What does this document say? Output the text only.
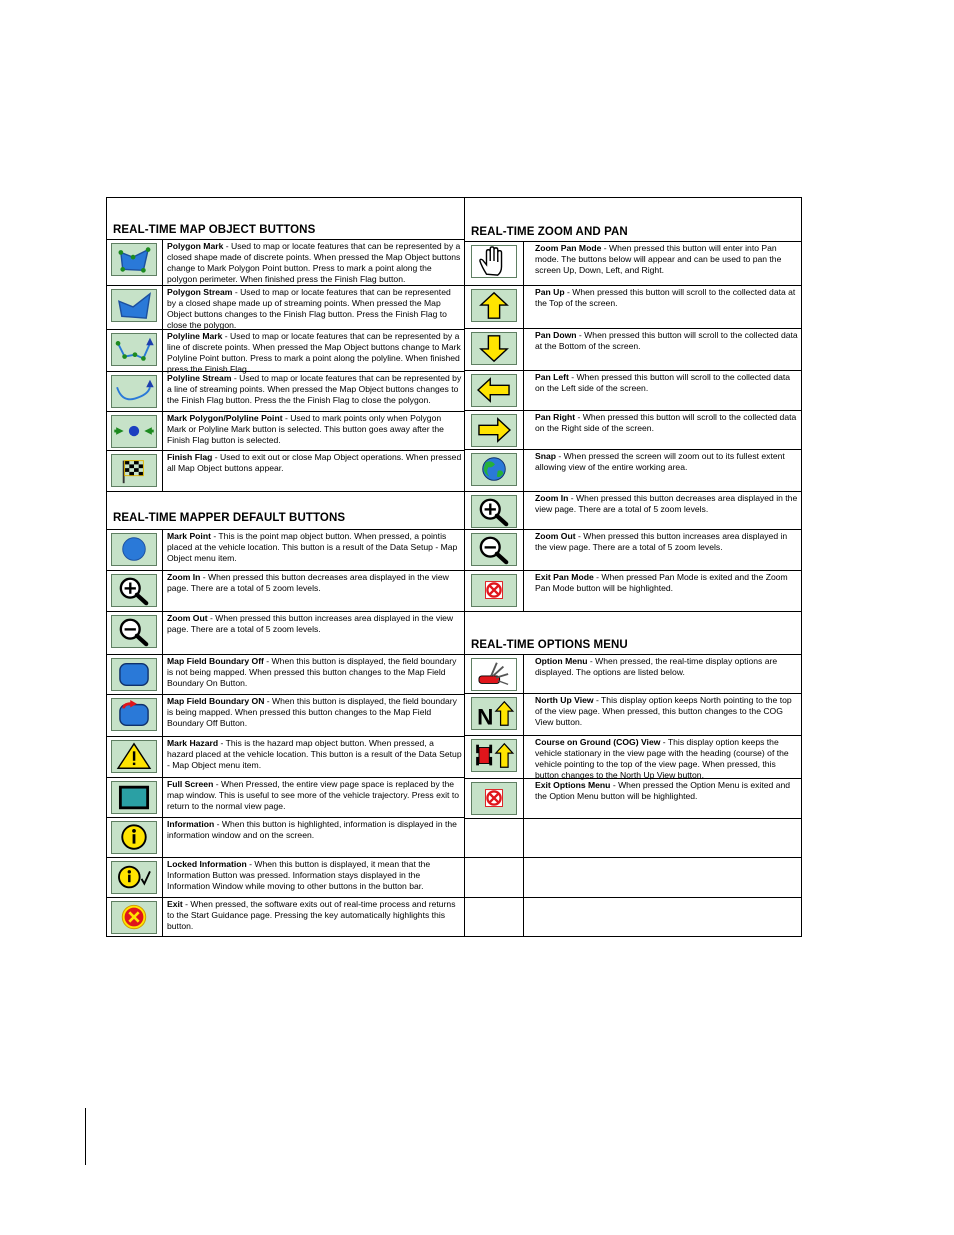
REAL-TIME MAP OBJECT BUTTONS
REAL-TIME MAPPER DEFAULT BUTTONS
Polygon Mark - Used to map or locate features that can be represented by a closed shape made of discrete points. When pressed the Map Object buttons change to Mark Polygon Point button. Press to mark a point along the polygon perimeter. When finished press the Finish Flag button.
Polygon Stream - Used to map or locate features that can be represented by a closed shape made up of streaming points. When pressed the Map Object buttons changes to the Finish Flag button. Press the Finish Flag to close the polygon.
Polyline Mark - Used to map or locate features that can be represented by a line of discrete points. When pressed the Map Object buttons change to Mark Polyline Point button. Press to mark a point along the polyline. When finished press the Finish Flag.
Polyline Stream - Used to map or locate features that can be represented by a line of streaming points. When pressed the Map Object buttons changes to the Finish Flag button. Press the the Finish Flag to close the polygon.
Mark Polygon/Polyline Point - Used to mark points only when Polygon Mark or Polyline Mark button is selected. This button goes away after the Finish Flag button is selected.
Finish Flag - Used to exit out or close Map Object operations. When pressed all Map Object buttons appear.
Mark Point - This is the point map object button. When pressed, a pointis placed at the vehicle location. This button is a result of the Data Setup - Map Object menu item.
Zoom In - When pressed this button decreases area displayed in the view page. There are a total of 5 zoom levels.
Zoom Out - When pressed this button increases area displayed in the view page. There are a total of 5 zoom levels.
Map Field Boundary Off - When this button is displayed, the field boundary is not being mapped. When pressed this button changes to the Map Field Boundary On Button.
Map Field Boundary ON - When this button is displayed, the field boundary is being mapped. When pressed this button changes to the Map Field Boundary Off Button.
Mark Hazard - This is the hazard map object button. When pressed, a hazard placed at the vehicle location. This button is a result of the Data Setup - Map Object menu item.
Full Screen - When Pressed, the entire view page space is replaced by the map window. This is useful to see more of the vehicle trajectory. Press exit to return to the normal view page.
Information - When this button is highlighted, information is displayed in the information window and on the screen.
Locked Information - When this button is displayed, it mean that the Information Button was pressed. Information stays displayed in the Information Window while moving to other buttons in the button bar.
Exit - When pressed, the software exits out of real-time process and returns to the Start Guidance page. Pressing the key automatically highlights this button.
REAL-TIME ZOOM AND PAN
REAL-TIME OPTIONS MENU
Zoom Pan Mode - When pressed this button will enter into Pan mode. The buttons below will appear and can be used to pan the screen Up, Down, Left, and Right.
Pan Up - When pressed this button will scroll to the collected data at the Top of the screen.
Pan Down - When pressed this button will scroll to the collected data at the Bottom of the screen.
Pan Left - When pressed this button will scroll to the collected data on the Left side of the screen.
Pan Right - When pressed this button will scroll to the collected data on the Right side of the screen.
Snap - When pressed the screen will zoom out to its fullest extent allowing view of the entire working area.
Zoom In - When pressed this button decreases area displayed in the view page. There are a total of 5 zoom levels.
Zoom Out - When pressed this button increases area displayed in the view page. There are a total of 5 zoom levels.
Exit Pan Mode - When pressed Pan Mode is exited and the Zoom Pan Mode button will be highlighted.
Option Menu - When pressed, the real-time display options are displayed. The options are listed below.
N
North Up View - This display option keeps North pointing to the top of the view page. When pressed, this button changes to the COG View button.
Course on Ground (COG) View - This display option keeps the vehicle stationary in the view page with the heading (course) of the vehicle pointing to the top of the view page. When pressed, this button changes to the North Up View button.
Exit Options Menu - When pressed the Option Menu is exited and the Option Menu button will be highlighted.
